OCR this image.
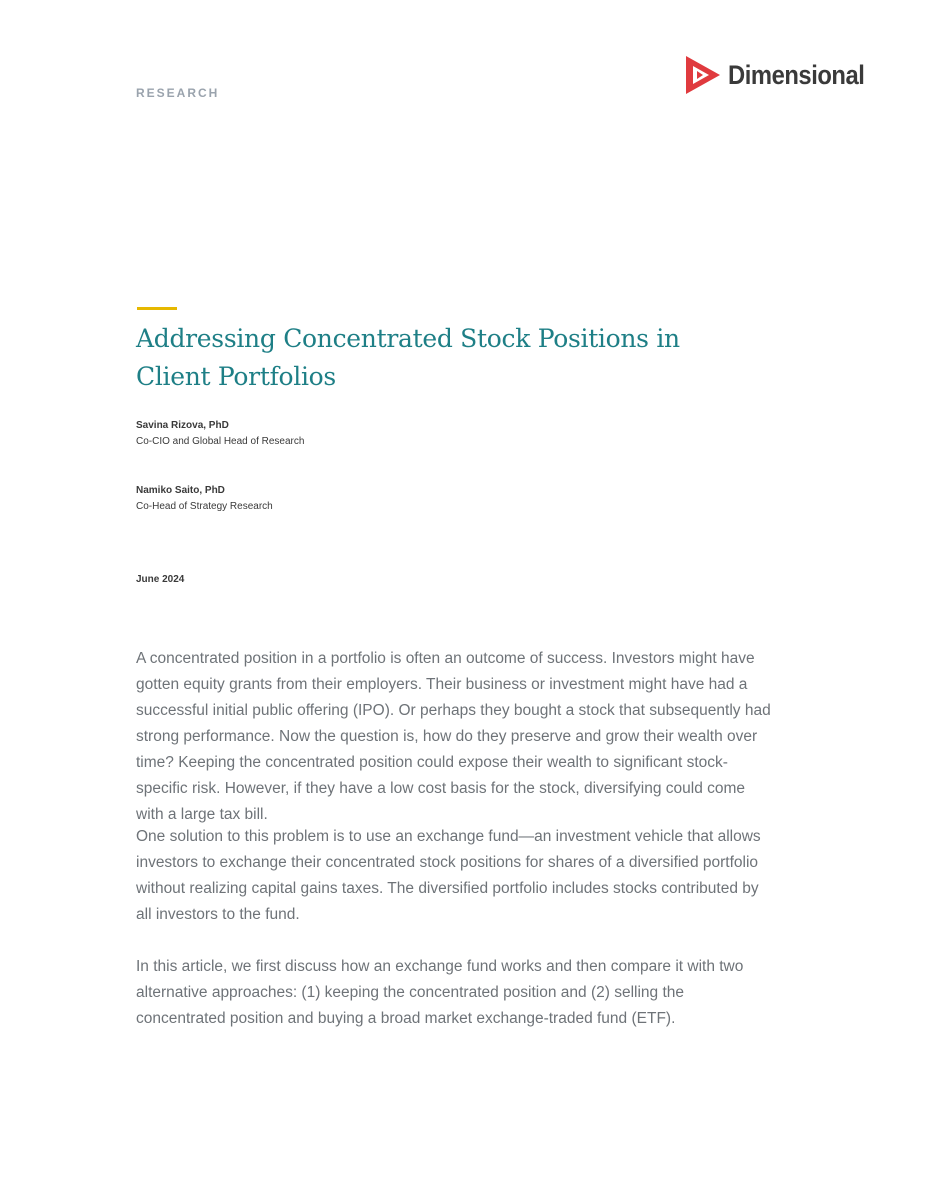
RESEARCH
Dimensional
Addressing Concentrated Stock Positions in Client Portfolios
Savina Rizova, PhD
Co-CIO and Global Head of Research
Namiko Saito, PhD
Co-Head of Strategy Research
June 2024

A concentrated position in a portfolio is often an outcome of success. Investors might have gotten equity grants from their employers. Their business or investment might have had a successful initial public offering (IPO). Or perhaps they bought a stock that subsequently had strong performance. Now the question is, how do they preserve and grow their wealth over time? Keeping the concentrated position could expose their wealth to significant stock-specific risk. However, if they have a low cost basis for the stock, diversifying could come with a large tax bill.

One solution to this problem is to use an exchange fund—an investment vehicle that allows investors to exchange their concentrated stock positions for shares of a diversified portfolio without realizing capital gains taxes. The diversified portfolio includes stocks contributed by all investors to the fund.

In this article, we first discuss how an exchange fund works and then compare it with two alternative approaches: (1) keeping the concentrated position and (2) selling the concentrated position and buying a broad market exchange-traded fund (ETF).
